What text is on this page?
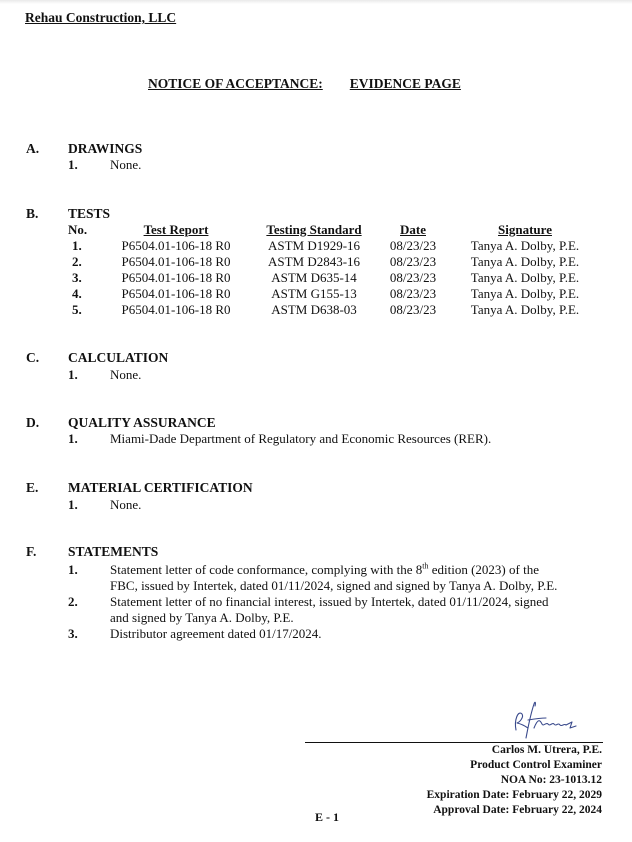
Rehau Construction, LLC
NOTICE OF ACCEPTANCE: EVIDENCE PAGE
A. DRAWINGS
1. None.
B. TESTS
No.	Test Report	Testing Standard	Date	Signature
1.	P6504.01-106-18 R0	ASTM D1929-16	08/23/23	Tanya A. Dolby, P.E.
2.	P6504.01-106-18 R0	ASTM D2843-16	08/23/23	Tanya A. Dolby, P.E.
3.	P6504.01-106-18 R0	ASTM D635-14	08/23/23	Tanya A. Dolby, P.E.
4.	P6504.01-106-18 R0	ASTM G155-13	08/23/23	Tanya A. Dolby, P.E.
5.	P6504.01-106-18 R0	ASTM D638-03	08/23/23	Tanya A. Dolby, P.E.
C. CALCULATION
1. None.
D. QUALITY ASSURANCE
1. Miami-Dade Department of Regulatory and Economic Resources (RER).
E. MATERIAL CERTIFICATION
1. None.
F. STATEMENTS
1. Statement letter of code conformance, complying with the 8th edition (2023) of the
FBC, issued by Intertek, dated 01/11/2024, signed and signed by Tanya A. Dolby, P.E.
2. Statement letter of no financial interest, issued by Intertek, dated 01/11/2024, signed
and signed by Tanya A. Dolby, P.E.
3. Distributor agreement dated 01/17/2024.
Carlos M. Utrera, P.E.
Product Control Examiner
NOA No: 23-1013.12
Expiration Date: February 22, 2029
Approval Date: February 22, 2024
E - 1
